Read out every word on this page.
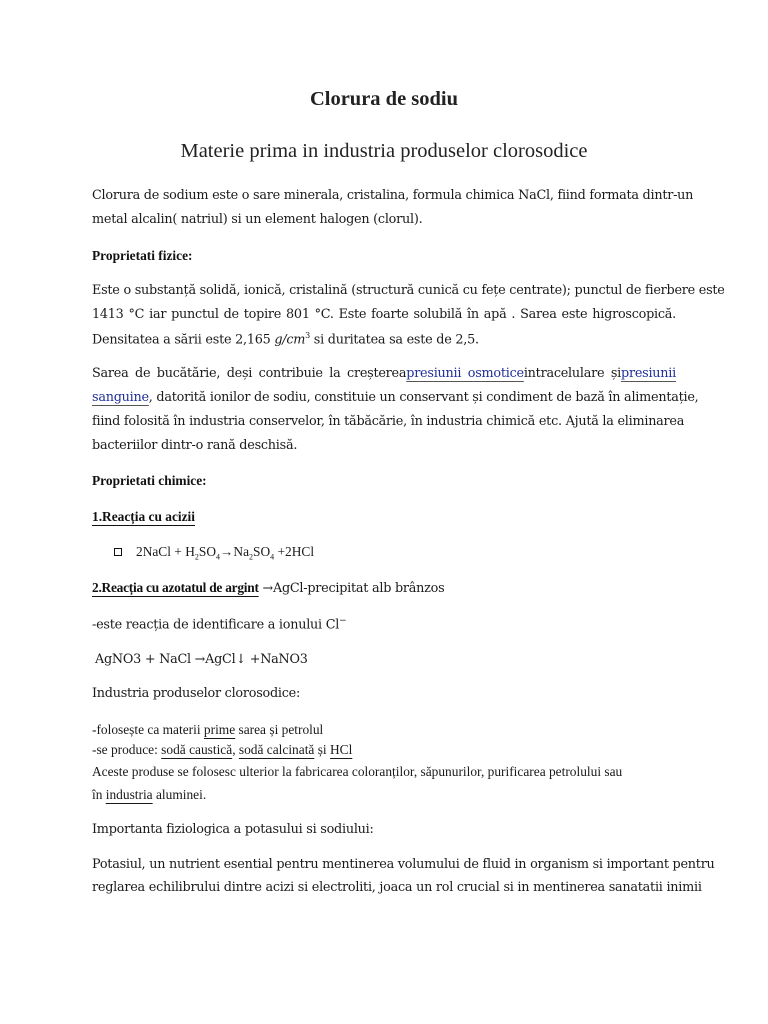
Clorura de sodiu
Materie prima in industria produselor clorosodice

Clorura de sodium este o sare minerala, cristalina, formula chimica NaCl, fiind formata dintr-un

metal alcalin( natriul) si un element halogen (clorul).

Proprietati fizice:

Este o substanță solidă, ionică, cristalină (structură cunică cu fețe centrate); punctul de fierbere este

1413 °C iar punctul de topire 801 °C. Este foarte solubilă în apă . Sarea este higroscopică.

Densitatea a sării este 2,165 $g/cm^3$ si duritatea sa este de 2,5.

Sarea de bucătărie, deși contribuie la creștereapresiunii osmoticeintracelulare șipresiunii

sanguine, datorită ionilor de sodiu, constituie un conservant și condiment de bază în alimentație,

fiind folosită în industria conservelor, în tăbăcărie, în industria chimică etc. Ajută la eliminarea

bacteriilor dintr-o rană deschisă.

Proprietati chimice:

1.Reacția cu acizii

2NaCl + $H_2SO_4\to Na_2SO_4 +2HCl$

2.Reacția cu azotatul de argint →AgCl-precipitat alb brânzos

-este reacția de identificare a ionului Cl−

AgNO3 + NaCl →AgCl↓ +NaNO3

Industria produselor clorosodice:

-folosește ca materii prime sarea și petrolul

-se produce: sodă caustică, sodă calcinată și HCl

Aceste produse se folosesc ulterior la fabricarea coloranților, săpunurilor, purificarea petrolului sau

în industria aluminei.

Importanta fiziologica a potasului si sodiului:

Potasiul, un nutrient esential pentru mentinerea volumului de fluid in organism si important pentru

reglarea echilibrului dintre acizi si electroliti, joaca un rol crucial si in mentinerea sanatatii inimii
